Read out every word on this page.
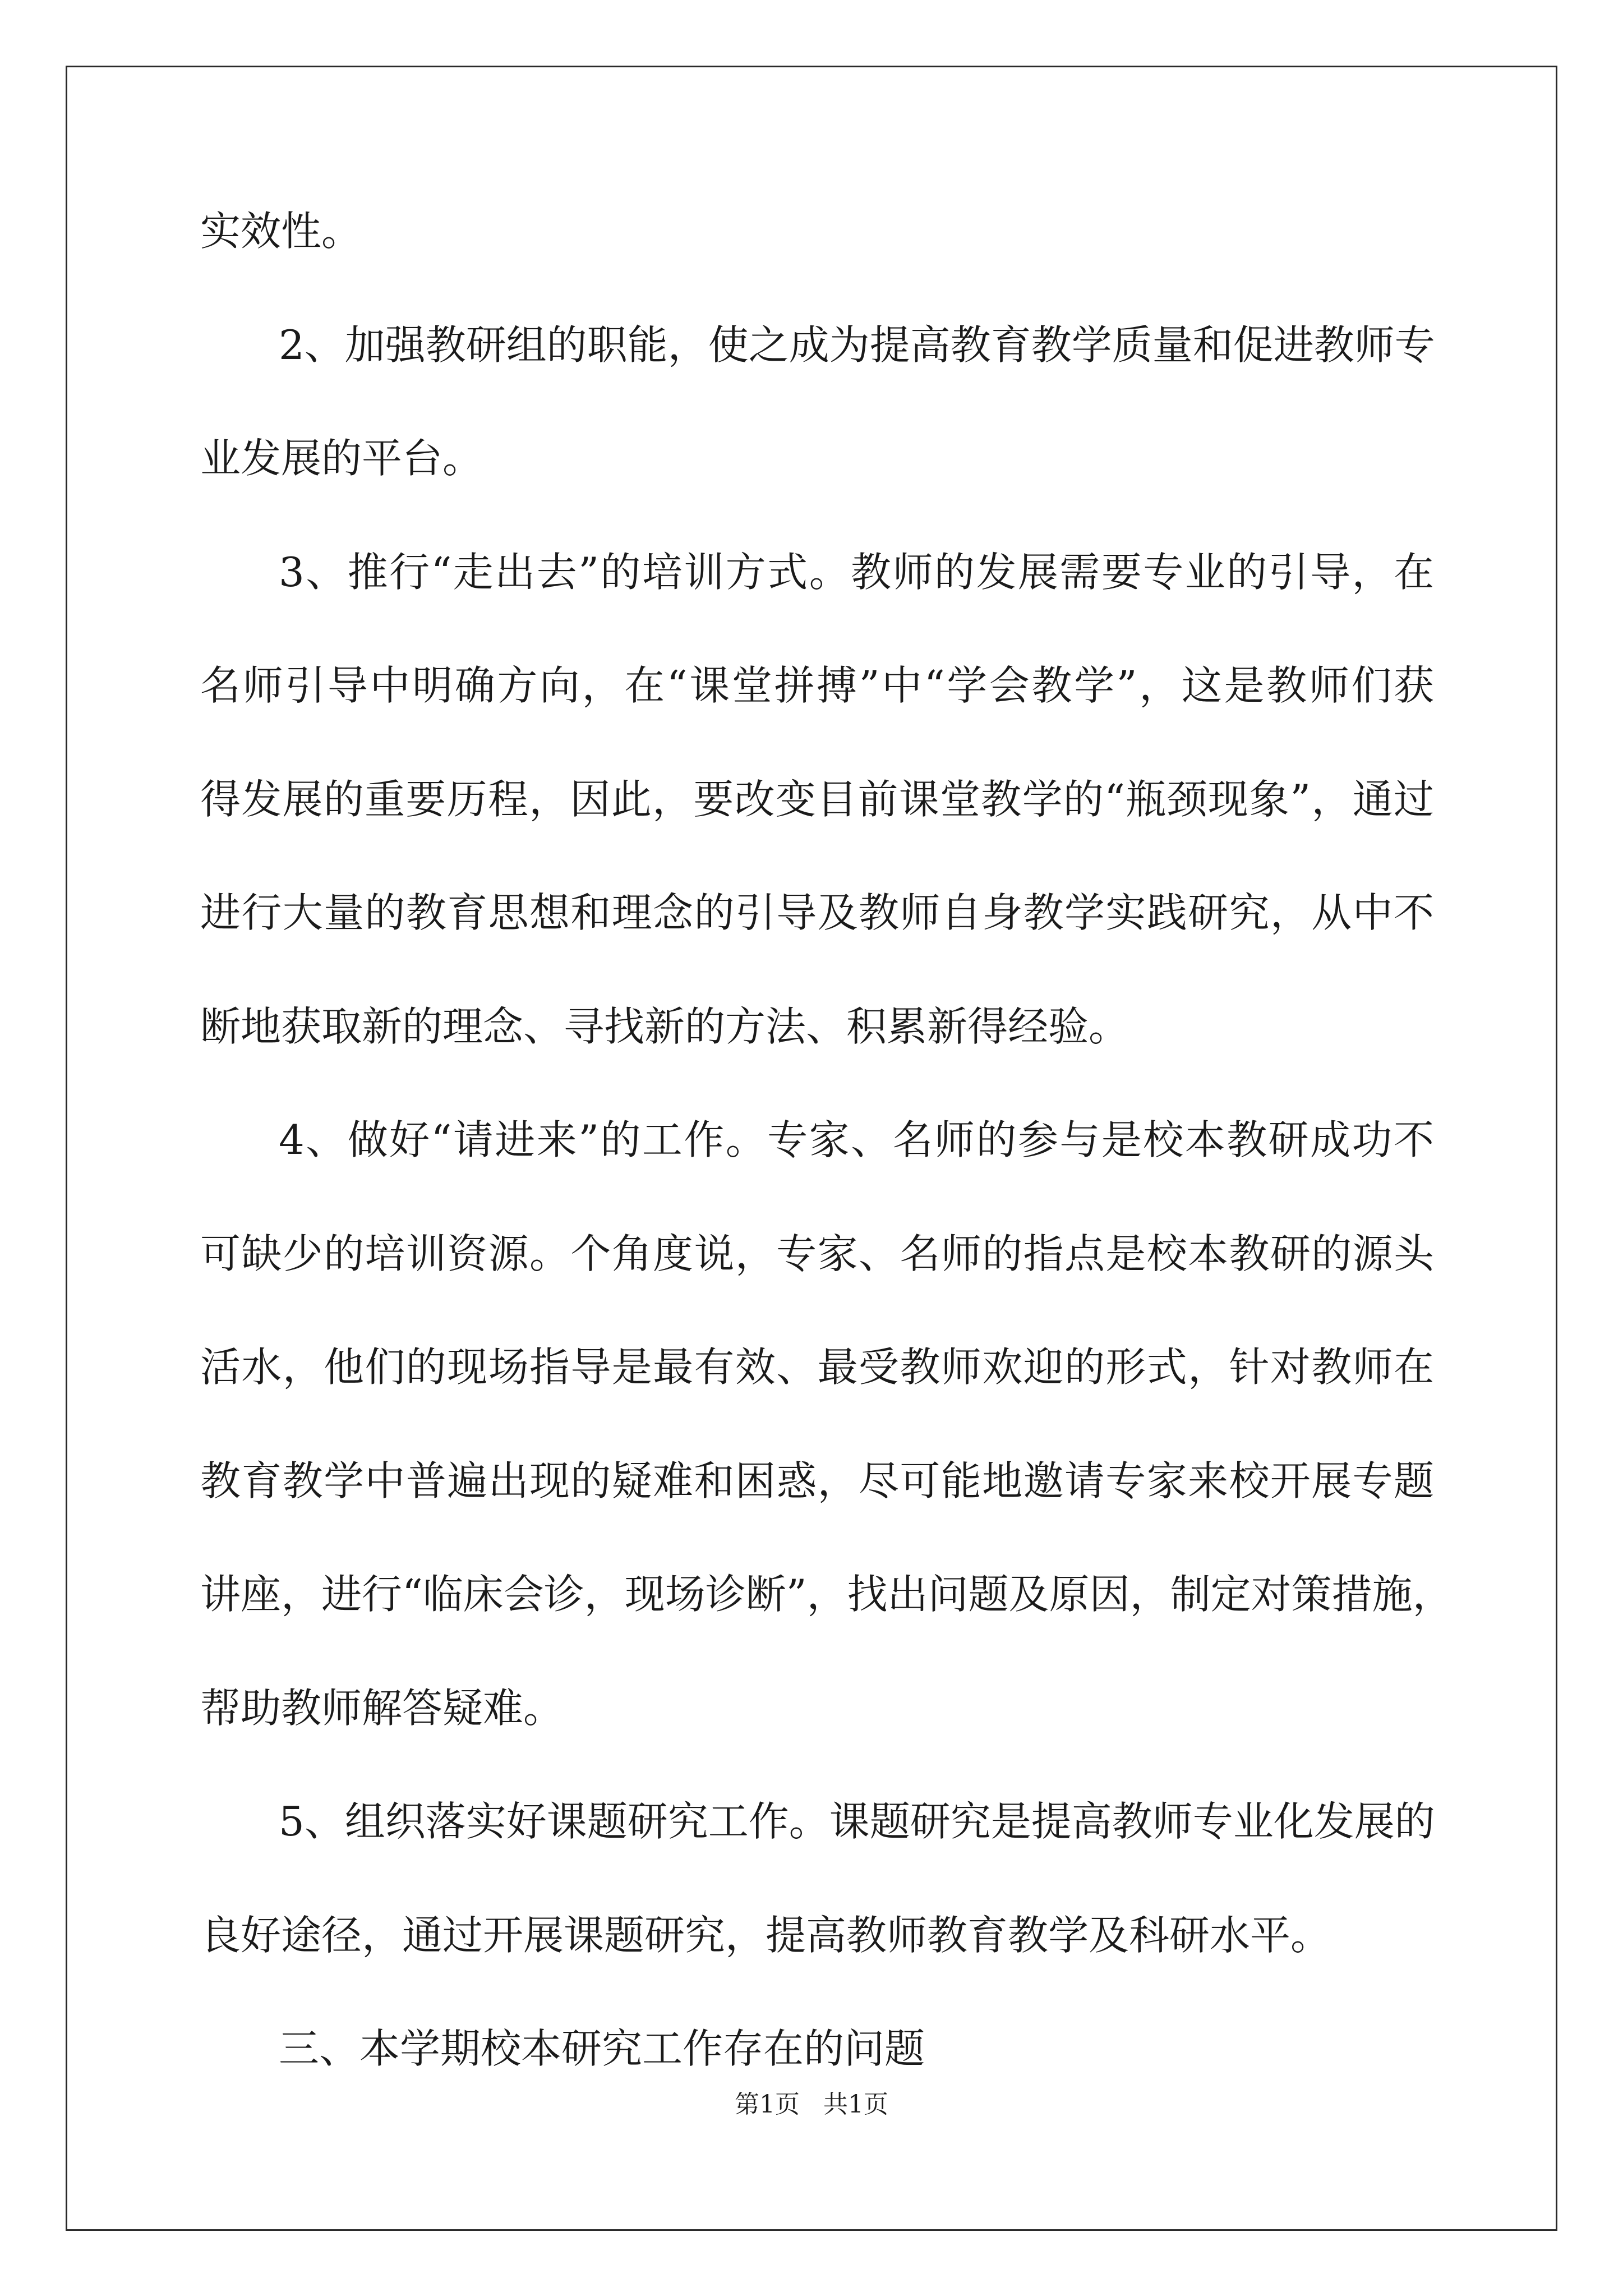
实效性。

2、加强教研组的职能，使之成为提高教育教学质量和促进教师专

业发展的平台。

3、推行“走出去”的培训方式。教师的发展需要专业的引导，在

名师引导中明确方向，在“课堂拼搏”中“学会教学”，这是教师们获

得发展的重要历程，因此，要改变目前课堂教学的“瓶颈现象”，通过

进行大量的教育思想和理念的引导及教师自身教学实践研究，从中不

断地获取新的理念、寻找新的方法、积累新得经验。

4、做好“请进来”的工作。专家、名师的参与是校本教研成功不

可缺少的培训资源。个角度说，专家、名师的指点是校本教研的源头

活水，他们的现场指导是最有效、最受教师欢迎的形式，针对教师在

教育教学中普遍出现的疑难和困惑，尽可能地邀请专家来校开展专题

讲座，进行“临床会诊，现场诊断”，找出问题及原因，制定对策措施，

帮助教师解答疑难。

5、组织落实好课题研究工作。课题研究是提高教师专业化发展的

良好途径，通过开展课题研究，提高教师教育教学及科研水平。

三、本学期校本研究工作存在的问题

第1页 共1页
